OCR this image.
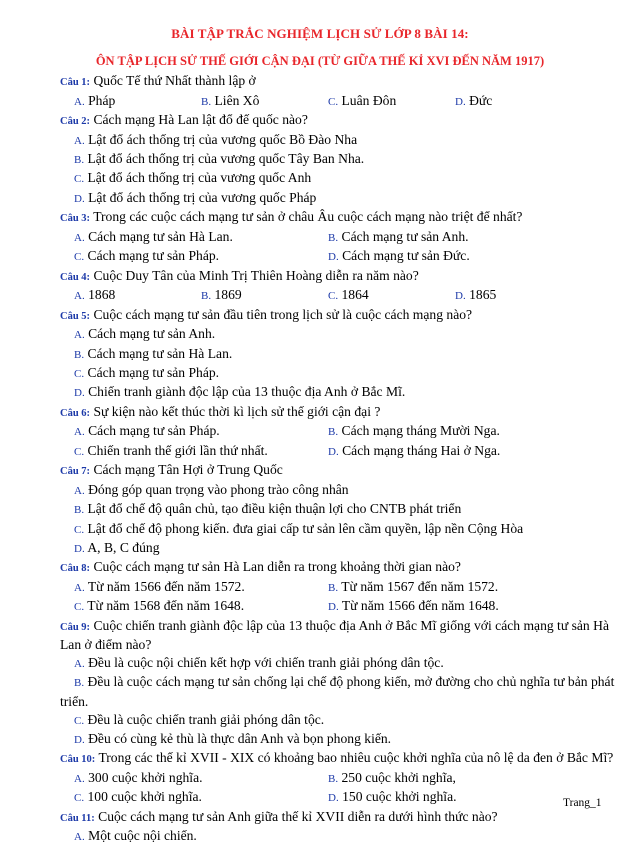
BÀI TẬP TRẮC NGHIỆM LỊCH SỬ LỚP 8 BÀI 14:
ÔN TẬP LỊCH SỬ THẾ GIỚI CẬN ĐẠI (TỪ GIỮA THẾ KỈ XVI ĐẾN NĂM 1917)
Câu 1: Quốc Tế thứ Nhất thành lập ở
A. Pháp	B. Liên Xô	C. Luân Đôn	D. Đức
Câu 2: Cách mạng Hà Lan lật đổ đế quốc nào?
A. Lật đổ ách thống trị của vương quốc Bồ Đào Nha
B. Lật đổ ách thống trị của vương quốc Tây Ban Nha.
C. Lật đổ ách thống trị của vương quốc Anh
D. Lật đổ ách thống trị của vương quốc Pháp
Câu 3: Trong các cuộc cách mạng tư sản ở châu Âu cuộc cách mạng nào triệt để nhất?
A. Cách mạng tư sản Hà Lan.	B. Cách mạng tư sản Anh.
C. Cách mạng tư sản Pháp.	D. Cách mạng tư sản Đức.
Câu 4: Cuộc Duy Tân của Minh Trị Thiên Hoàng diễn ra năm nào?
A. 1868	B. 1869	C. 1864	D. 1865
Câu 5: Cuộc cách mạng tư sản đầu tiên trong lịch sử là cuộc cách mạng nào?
A. Cách mạng tư sản Anh.
B. Cách mạng tư sản Hà Lan.
C. Cách mạng tư sản Pháp.
D. Chiến tranh giành độc lập của 13 thuộc địa Anh ở Bắc Mĩ.
Câu 6: Sự kiện nào kết thúc thời kì lịch sử thế giới cận đại ?
A. Cách mạng tư sản Pháp.	B. Cách mạng tháng Mười Nga.
C. Chiến tranh thế giới lần thứ nhất.	D. Cách mạng tháng Hai ở Nga.
Câu 7: Cách mạng Tân Hợi ở Trung Quốc
A. Đóng góp quan trọng vào phong trào công nhân
B. Lật đổ chế độ quân chủ, tạo điều kiện thuận lợi cho CNTB phát triển
C. Lật đổ chế độ phong kiến. đưa giai cấp tư sản lên cầm quyền, lập nền Cộng Hòa
D. A, B, C đúng
Câu 8: Cuộc cách mạng tư sản Hà Lan diễn ra trong khoảng thời gian nào?
A. Từ năm 1566 đến năm 1572.	B. Từ năm 1567 đến năm 1572.
C. Từ năm 1568 đến năm 1648.	D. Từ năm 1566 đến năm 1648.
Câu 9: Cuộc chiến tranh giành độc lập của 13 thuộc địa Anh ở Bắc Mĩ giống với cách mạng tư sản Hà Lan ở điểm nào?
A. Đều là cuộc nội chiến kết hợp với chiến tranh giải phóng dân tộc.
B. Đều là cuộc cách mạng tư sản chống lại chế độ phong kiến, mở đường cho chủ nghĩa tư bản phát triển.
C. Đều là cuộc chiến tranh giải phóng dân tộc.
D. Đều có cùng kẻ thù là thực dân Anh và bọn phong kiến.
Câu 10: Trong các thế kỉ XVII - XIX có khoảng bao nhiêu cuộc khởi nghĩa của nô lệ da đen ở Bắc Mĩ?
A. 300 cuộc khởi nghĩa.	B. 250 cuộc khởi nghĩa,
C. 100 cuộc khởi nghĩa.	D. 150 cuộc khởi nghĩa.
Câu 11: Cuộc cách mạng tư sản Anh giữa thế kỉ XVII diễn ra dưới hình thức nào?
A. Một cuộc nội chiến.
Trang_1
